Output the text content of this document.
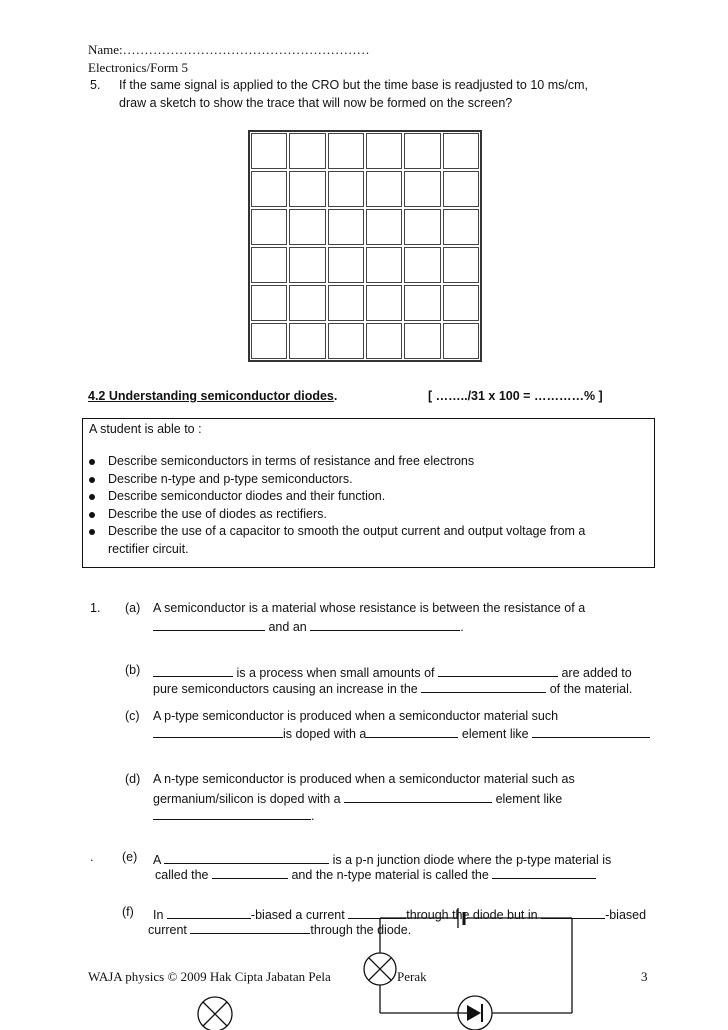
Name:…………………………………………………
Electronics/Form 5
5. If the same signal is applied to the CRO but the time base is readjusted to 10 ms/cm,
draw a sketch to show the trace that will now be formed on the screen?
4.2 Understanding semiconductor diodes.	[ ……../31 x 100 = …………% ]
A student is able to :
Describe semiconductors in terms of resistance and free electrons
Describe n-type and p-type semiconductors.
Describe semiconductor diodes and their function.
Describe the use of diodes as rectifiers.
Describe the use of a capacitor to smooth the output current and output voltage from a
rectifier circuit.
1. (a) A semiconductor is a material whose resistance is between the resistance of a
and an	.
(b)	is a process when small amounts of	are added to
pure semiconductors causing an increase in the	of the material.
(c) A p-type semiconductor is produced when a semiconductor material such
is doped with a	element like
(d) A n-type semiconductor is produced when a semiconductor material such as
germanium/silicon is doped with a	element like
.
. (e) A	is a p-n junction diode where the p-type material is
called the	and the n-type material is called the
(f) In	-biased a current	through the diode but in	-biased
current	through the diode.
WAJA physics © 2009 Hak Cipta Jabatan Pela	Perak	3
